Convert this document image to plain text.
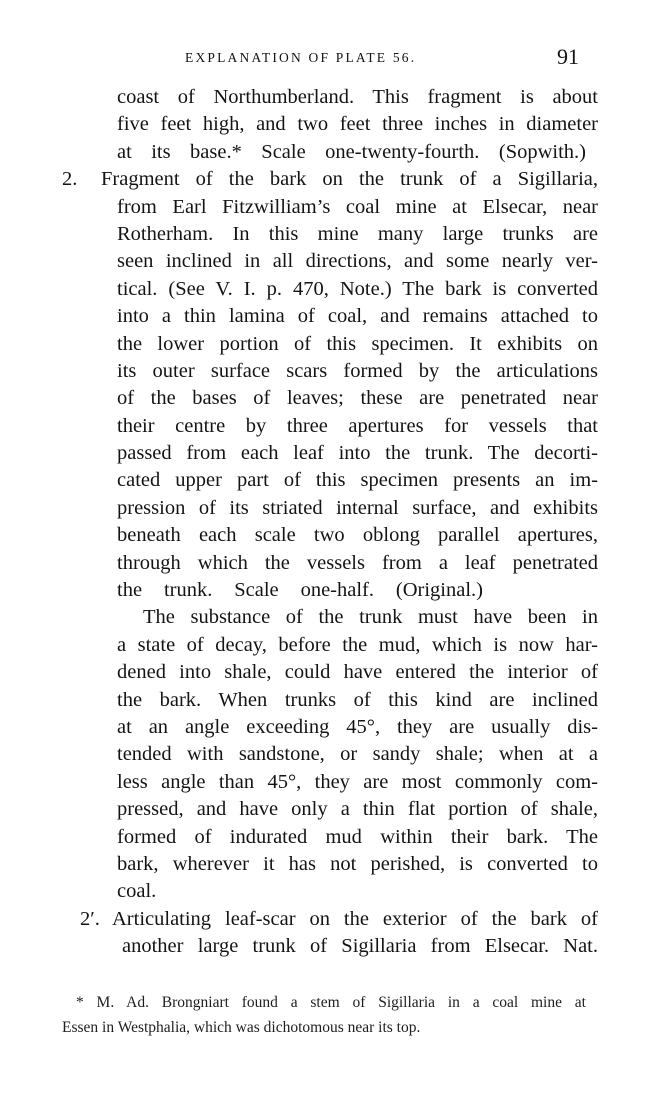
EXPLANATION OF PLATE 56.	91
coast of Northumberland. This fragment is about
five feet high, and two feet three inches in diameter
at its base.* Scale one-twenty-fourth. (Sopwith.)
2. Fragment of the bark on the trunk of a Sigillaria,
from Earl Fitzwilliam’s coal mine at Elsecar, near
Rotherham. In this mine many large trunks are
seen inclined in all directions, and some nearly ver-
tical. (See V. I. p. 470, Note.) The bark is converted
into a thin lamina of coal, and remains attached to
the lower portion of this specimen. It exhibits on
its outer surface scars formed by the articulations
of the bases of leaves; these are penetrated near
their centre by three apertures for vessels that
passed from each leaf into the trunk. The decorti-
cated upper part of this specimen presents an im-
pression of its striated internal surface, and exhibits
beneath each scale two oblong parallel apertures,
through which the vessels from a leaf penetrated
the trunk. Scale one-half. (Original.)
The substance of the trunk must have been in
a state of decay, before the mud, which is now har-
dened into shale, could have entered the interior of
the bark. When trunks of this kind are inclined
at an angle exceeding 45°, they are usually dis-
tended with sandstone, or sandy shale; when at a
less angle than 45°, they are most commonly com-
pressed, and have only a thin flat portion of shale,
formed of indurated mud within their bark. The
bark, wherever it has not perished, is converted to
coal.
2′. Articulating leaf-scar on the exterior of the bark of
another large trunk of Sigillaria from Elsecar. Nat.
* M. Ad. Brongniart found a stem of Sigillaria in a coal mine at
Essen in Westphalia, which was dichotomous near its top.
